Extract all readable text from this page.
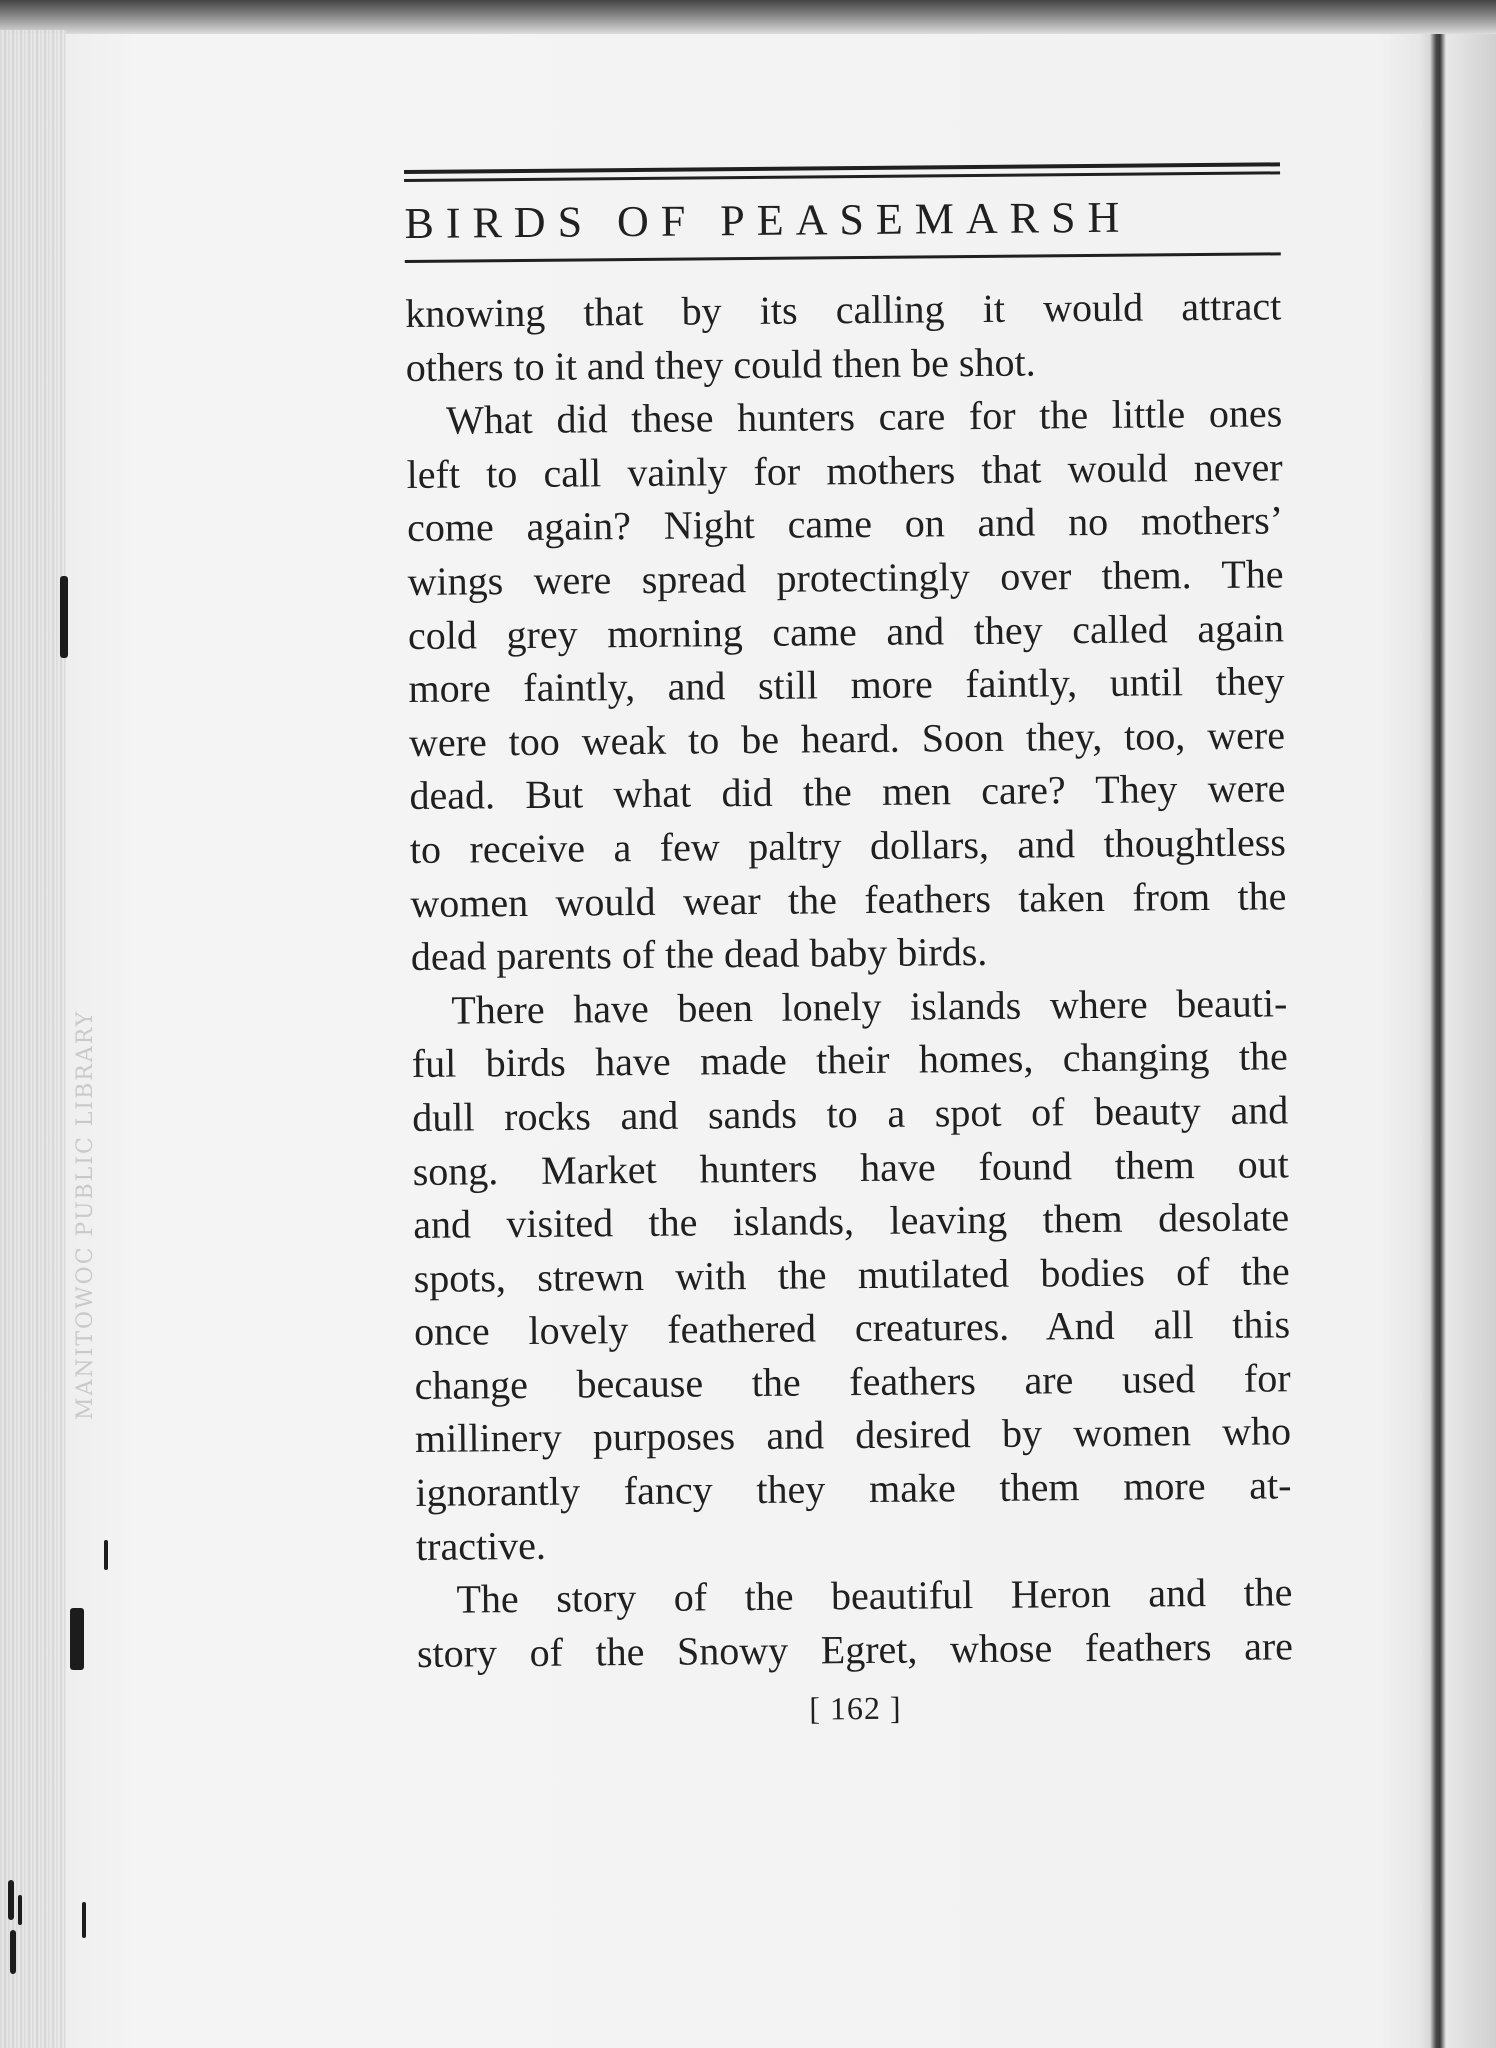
MANITOWOC PUBLIC LIBRARY
BIRDS OF PEASEMARSH
knowing that by its calling it would attract
others to it and they could then be shot.
What did these hunters care for the little ones
left to call vainly for mothers that would never
come again? Night came on and no mothers’
wings were spread protectingly over them. The
cold grey morning came and they called again
more faintly, and still more faintly, until they
were too weak to be heard. Soon they, too, were
dead. But what did the men care? They were
to receive a few paltry dollars, and thoughtless
women would wear the feathers taken from the
dead parents of the dead baby birds.
There have been lonely islands where beauti-
ful birds have made their homes, changing the
dull rocks and sands to a spot of beauty and
song. Market hunters have found them out
and visited the islands, leaving them desolate
spots, strewn with the mutilated bodies of the
once lovely feathered creatures. And all this
change because the feathers are used for
millinery purposes and desired by women who
ignorantly fancy they make them more at-
tractive.
The story of the beautiful Heron and the
story of the Snowy Egret, whose feathers are
[ 162 ]
